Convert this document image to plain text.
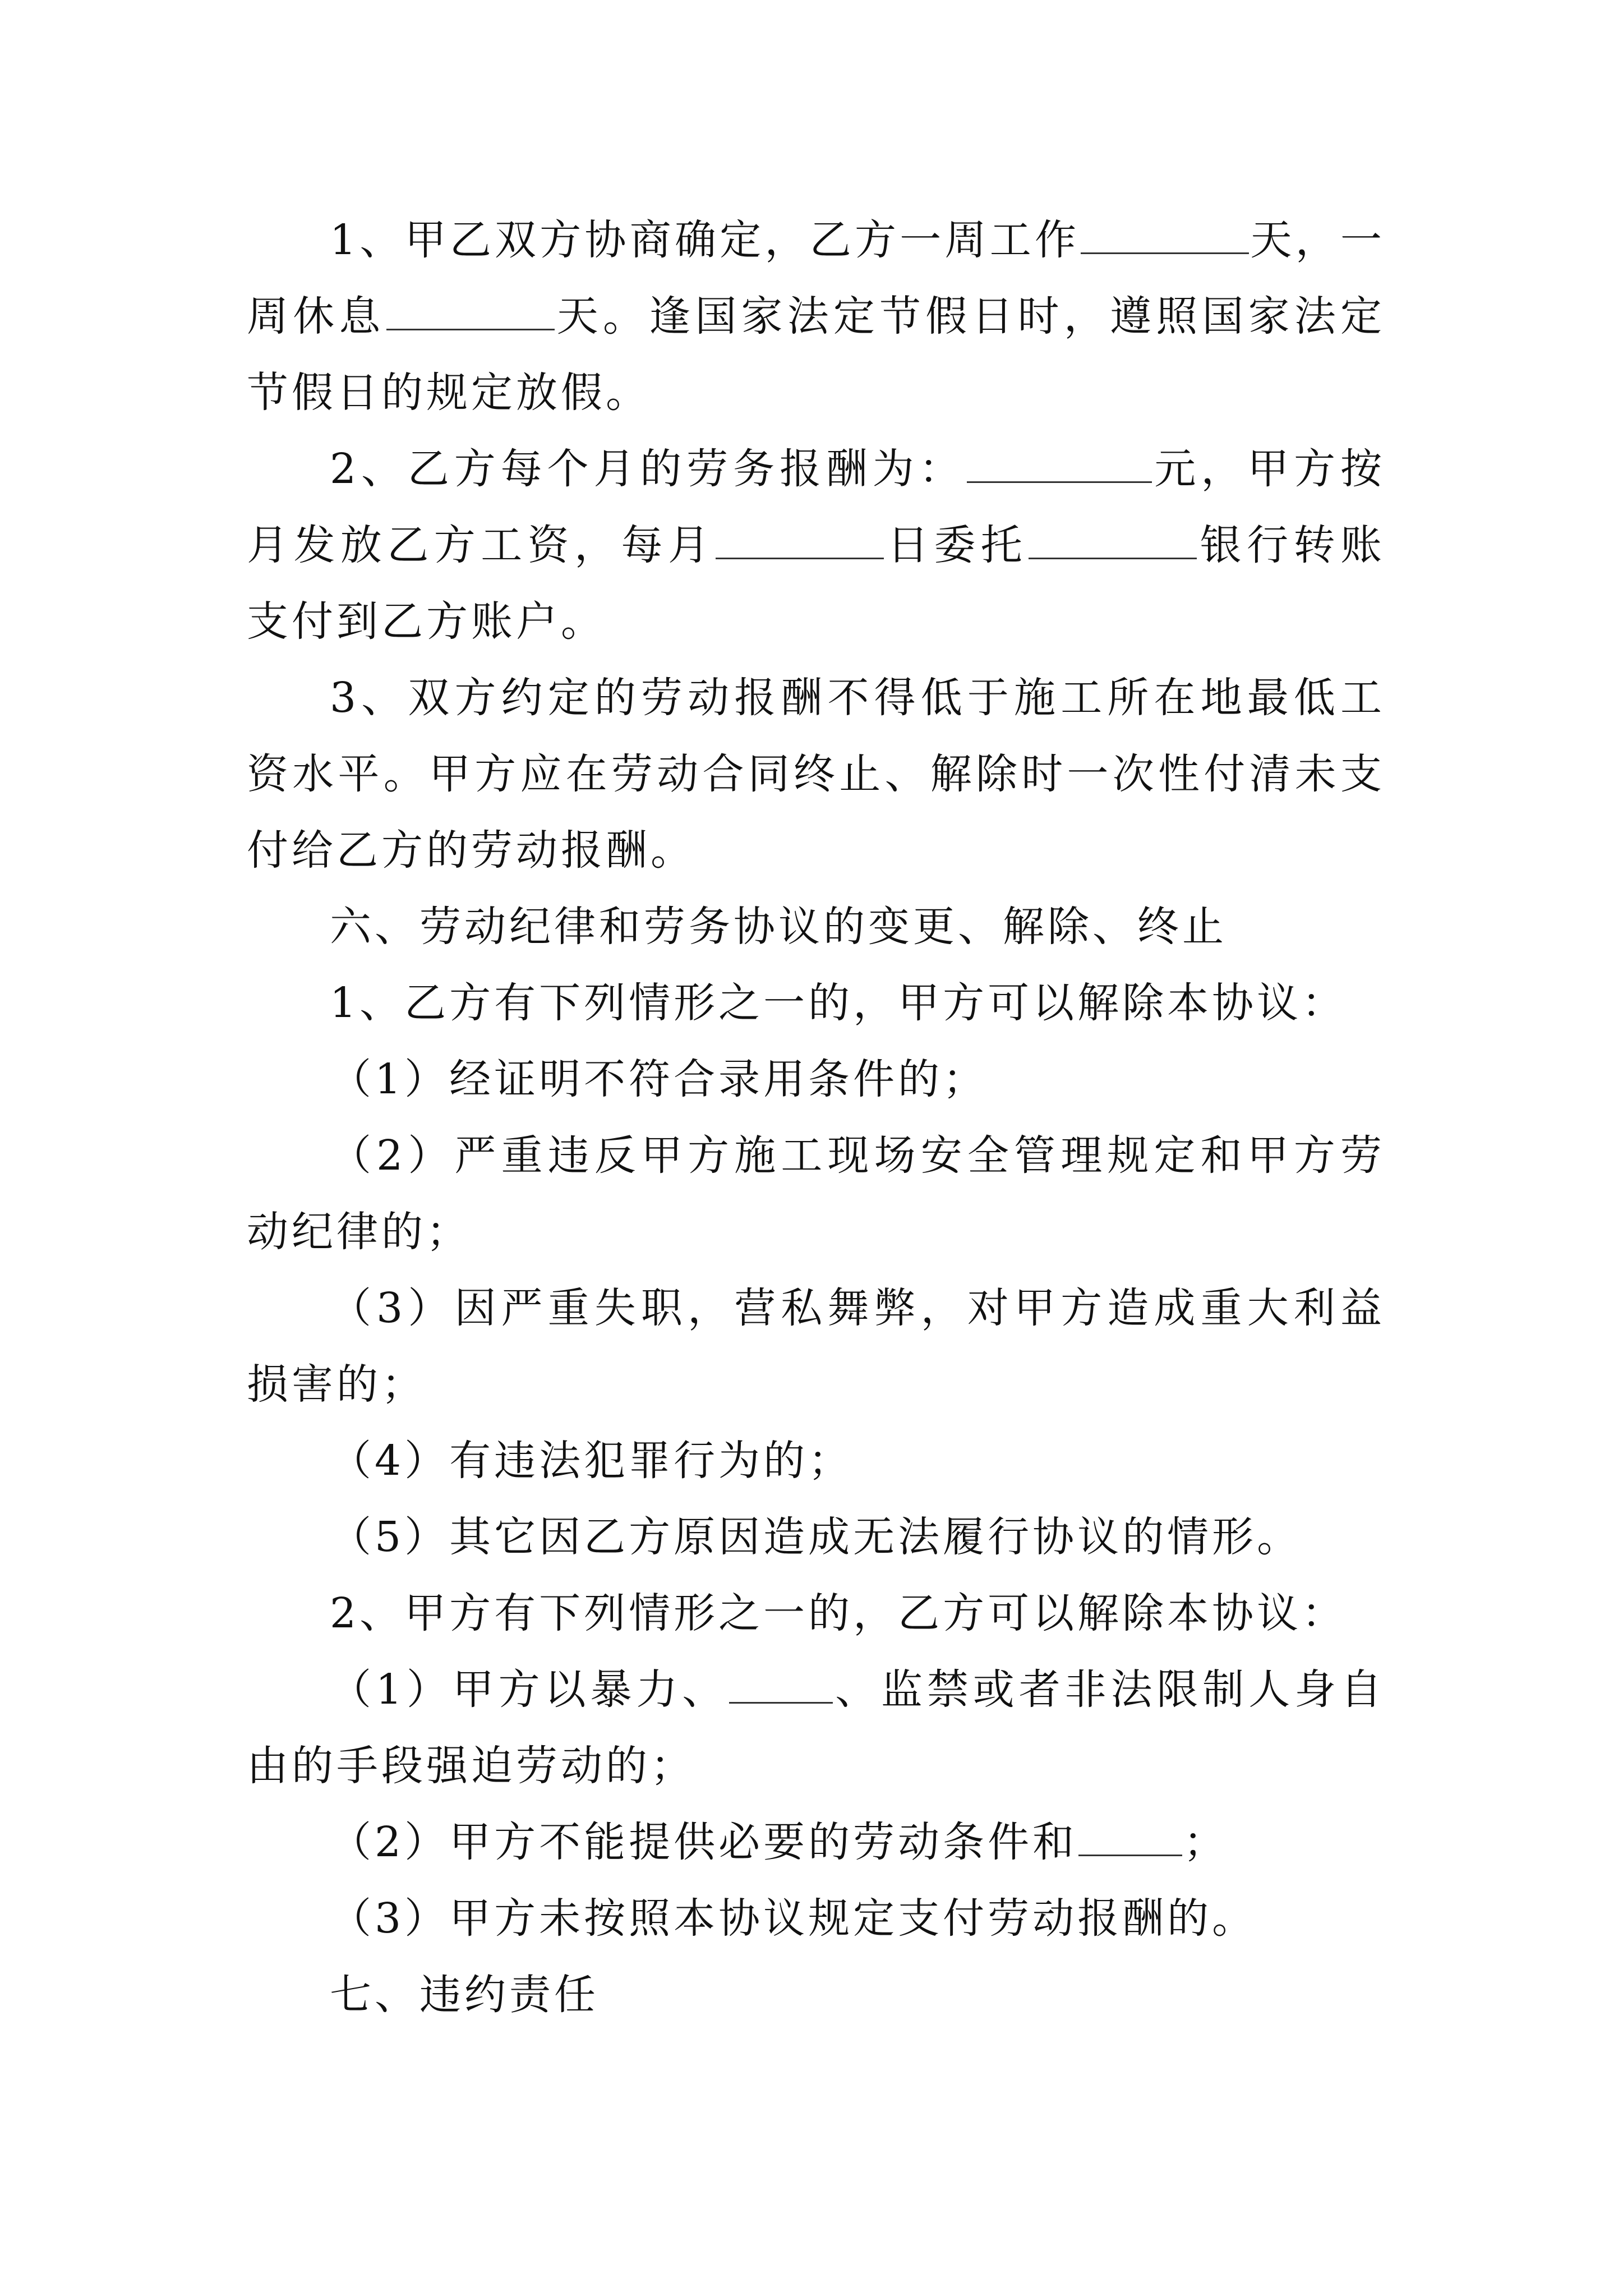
1、甲乙双方协商确定，乙方一周工作	天，一周休息	天。逢国家法定节假日时，遵照国家法定节假日的规定放假。

2、乙方每个月的劳务报酬为：	元，甲方按月发放乙方工资，每月	日委托	银行转账支付到乙方账户。

3、双方约定的劳动报酬不得低于施工所在地最低工资水平。甲方应在劳动合同终止、解除时一次性付清未支付给乙方的劳动报酬。

六、劳动纪律和劳务协议的变更、解除、终止

1、乙方有下列情形之一的，甲方可以解除本协议：

（1）经证明不符合录用条件的；

（2）严重违反甲方施工现场安全管理规定和甲方劳动纪律的；

（3）因严重失职，营私舞弊，对甲方造成重大利益损害的；

（4）有违法犯罪行为的；

（5）其它因乙方原因造成无法履行协议的情形。

2、甲方有下列情形之一的，乙方可以解除本协议：

（1）甲方以暴力、	、监禁或者非法限制人身自由的手段强迫劳动的；

（2）甲方不能提供必要的劳动条件和	；

（3）甲方未按照本协议规定支付劳动报酬的。

七、违约责任
